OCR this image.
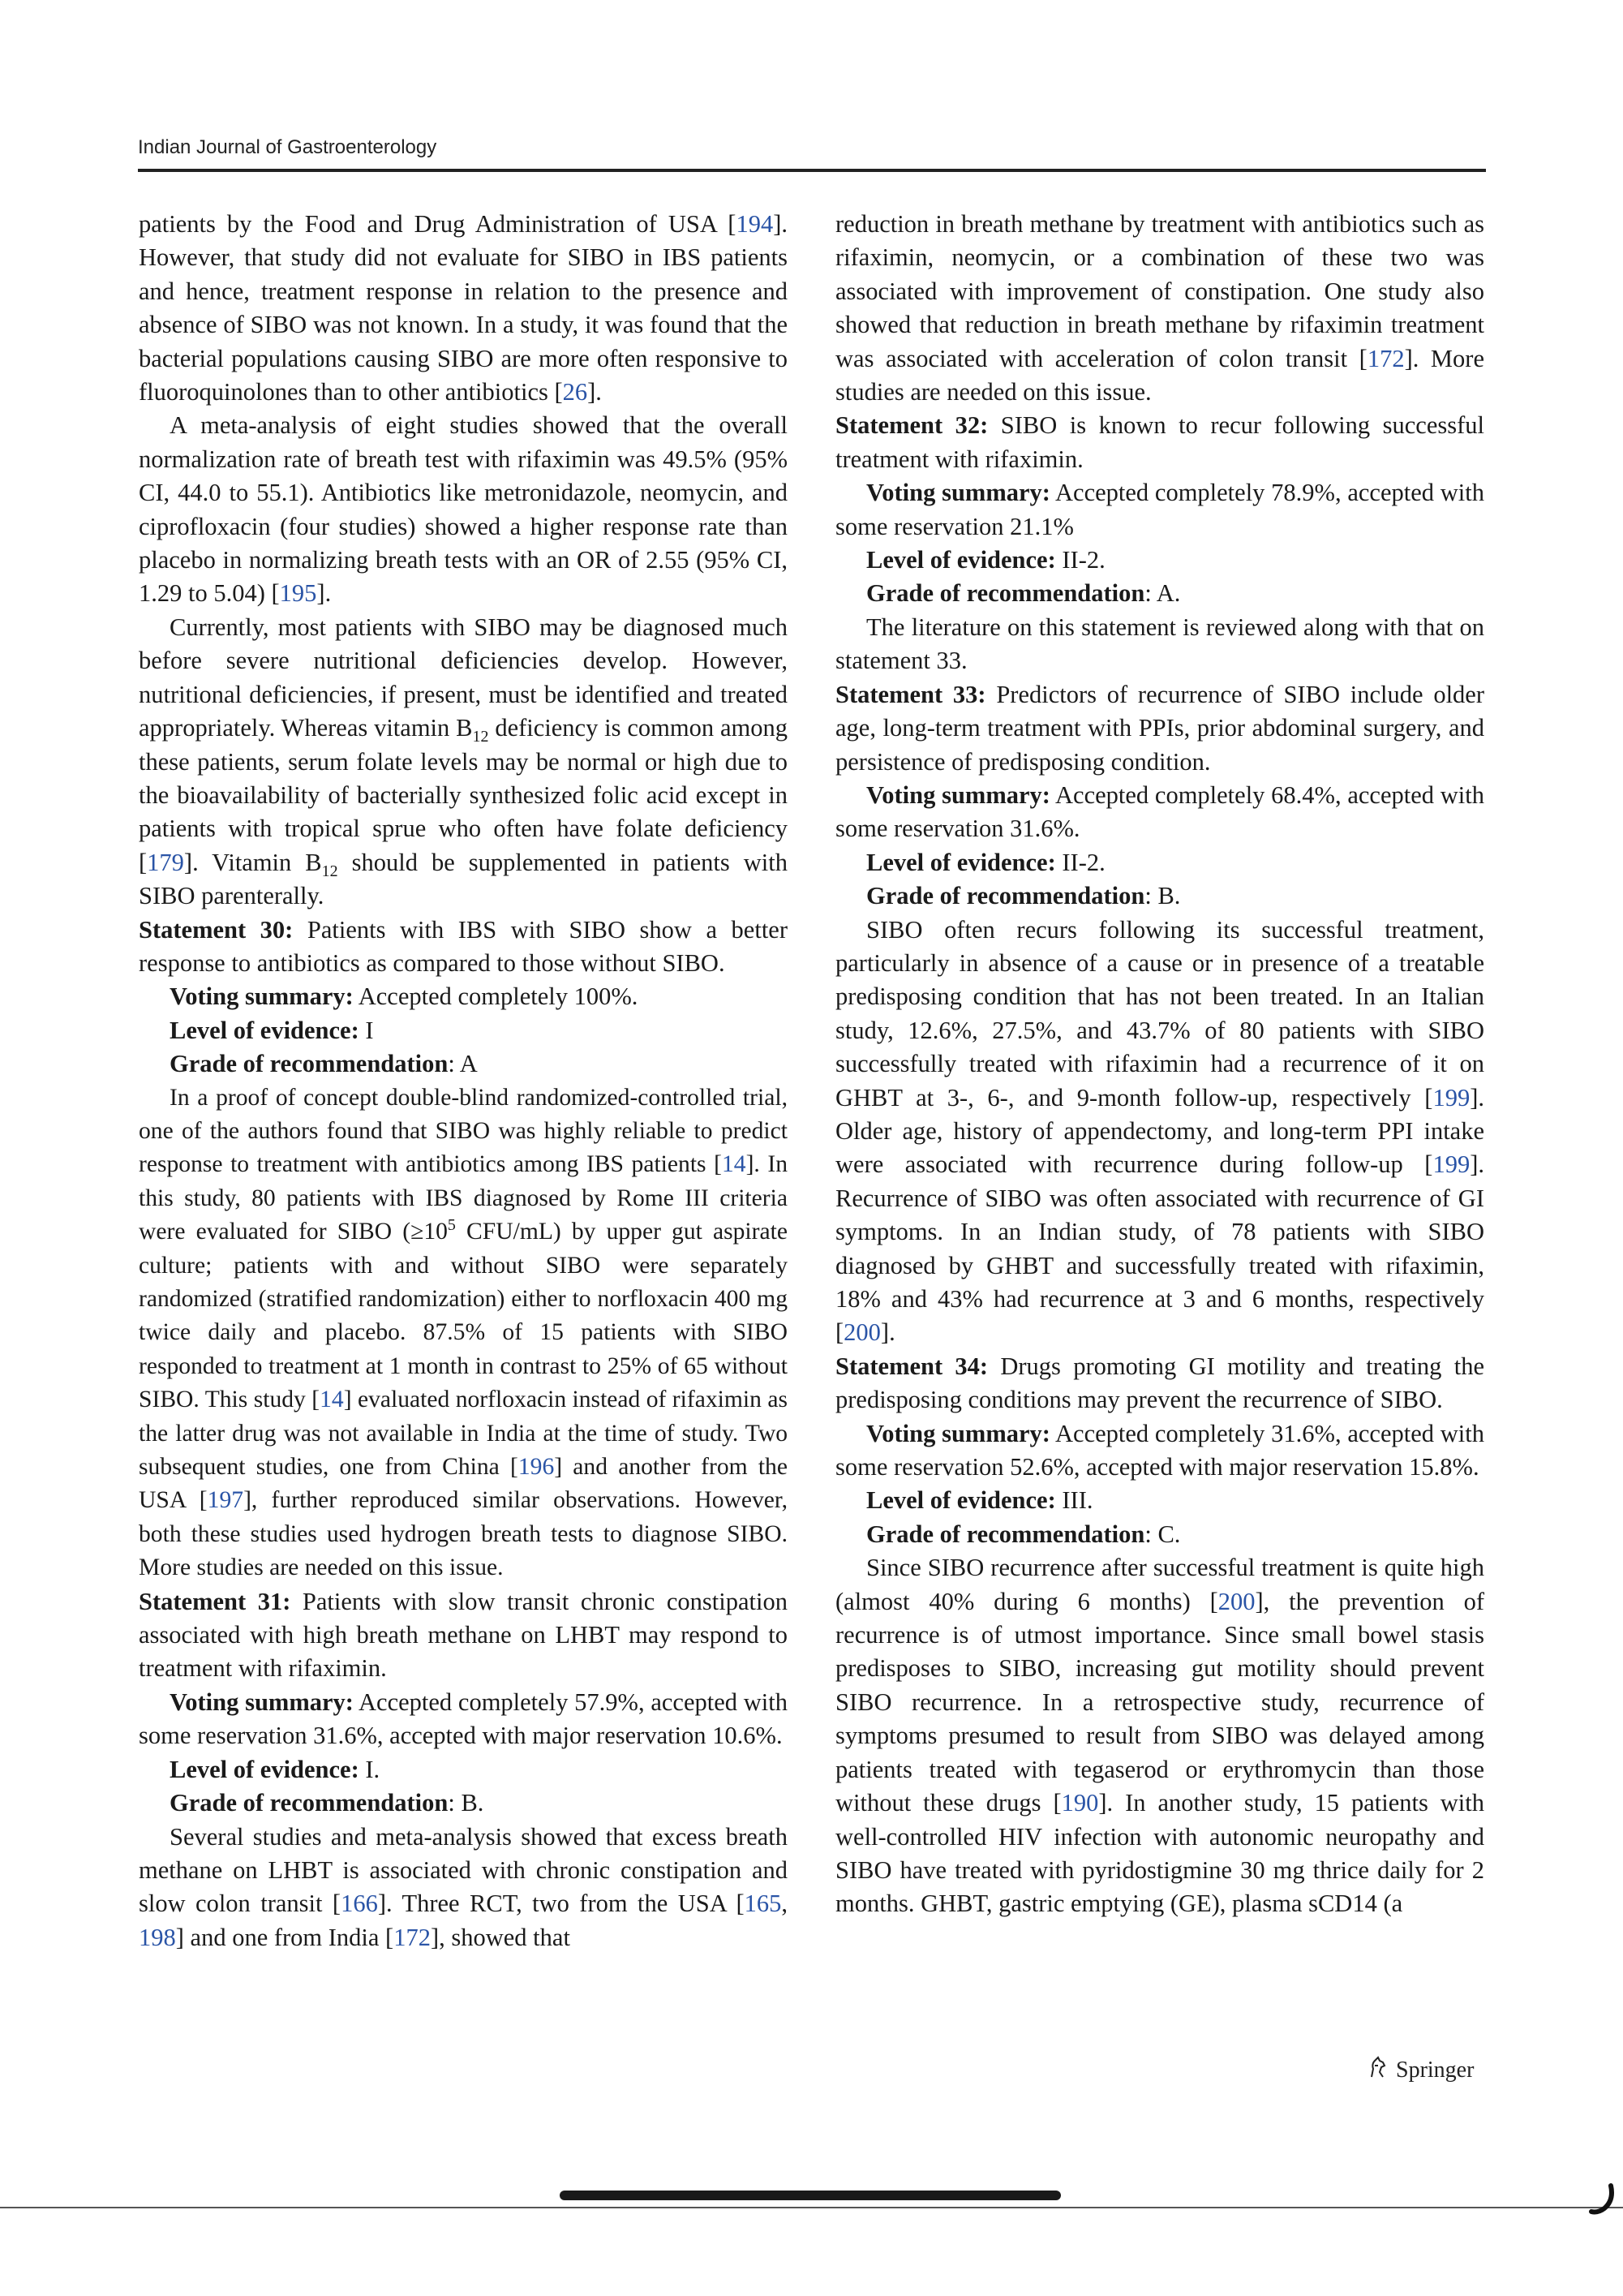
Indian Journal of Gastroenterology

patients by the Food and Drug Administration of USA [194]. However, that study did not evaluate for SIBO in IBS patients and hence, treatment response in relation to the presence and absence of SIBO was not known. In a study, it was found that the bacterial populations causing SIBO are more often responsive to fluoroquinolones than to other antibiotics [26].

A meta-analysis of eight studies showed that the overall normalization rate of breath test with rifaximin was 49.5% (95% CI, 44.0 to 55.1). Antibiotics like metronidazole, neomycin, and ciprofloxacin (four studies) showed a higher response rate than placebo in normalizing breath tests with an OR of 2.55 (95% CI, 1.29 to 5.04) [195].

Currently, most patients with SIBO may be diagnosed much before severe nutritional deficiencies develop. However, nutritional deficiencies, if present, must be identified and treated appropriately. Whereas vitamin $B_{12}$ deficiency is common among these patients, serum folate levels may be normal or high due to the bioavailability of bacterially synthesized folic acid except in patients with tropical sprue who often have folate deficiency [179]. Vitamin $B_{12}$ should be supplemented in patients with SIBO parenterally.

Statement 30: Patients with IBS with SIBO show a better response to antibiotics as compared to those without SIBO.

Voting summary: Accepted completely 100%.

Level of evidence: I

Grade of recommendation: A

In a proof of concept double-blind randomized-controlled trial, one of the authors found that SIBO was highly reliable to predict response to treatment with antibiotics among IBS patients [14]. In this study, 80 patients with IBS diagnosed by Rome III criteria were evaluated for SIBO ($\ge 10^5$ CFU/mL) by upper gut aspirate culture; patients with and without SIBO were separately randomized (stratified randomization) either to norfloxacin 400 mg twice daily and placebo. 87.5% of 15 patients with SIBO responded to treatment at 1 month in contrast to 25% of 65 without SIBO. This study [14] evaluated norfloxacin instead of rifaximin as the latter drug was not available in India at the time of study. Two subsequent studies, one from China [196] and another from the USA [197], further reproduced similar observations. However, both these studies used hydrogen breath tests to diagnose SIBO. More studies are needed on this issue.

Statement 31: Patients with slow transit chronic constipation associated with high breath methane on LHBT may respond to treatment with rifaximin.

Voting summary: Accepted completely 57.9%, accepted with some reservation 31.6%, accepted with major reservation 10.6%.

Level of evidence: I.

Grade of recommendation: B.

Several studies and meta-analysis showed that excess breath methane on LHBT is associated with chronic constipation and slow colon transit [166]. Three RCT, two from the USA [165, 198] and one from India [172], showed that

reduction in breath methane by treatment with antibiotics such as rifaximin, neomycin, or a combination of these two was associated with improvement of constipation. One study also showed that reduction in breath methane by rifaximin treatment was associated with acceleration of colon transit [172]. More studies are needed on this issue.

Statement 32: SIBO is known to recur following successful treatment with rifaximin.

Voting summary: Accepted completely 78.9%, accepted with some reservation 21.1%

Level of evidence: II-2.

Grade of recommendation: A.

The literature on this statement is reviewed along with that on statement 33.

Statement 33: Predictors of recurrence of SIBO include older age, long-term treatment with PPIs, prior abdominal surgery, and persistence of predisposing condition.

Voting summary: Accepted completely 68.4%, accepted with some reservation 31.6%.

Level of evidence: II-2.

Grade of recommendation: B.

SIBO often recurs following its successful treatment, particularly in absence of a cause or in presence of a treatable predisposing condition that has not been treated. In an Italian study, 12.6%, 27.5%, and 43.7% of 80 patients with SIBO successfully treated with rifaximin had a recurrence of it on GHBT at 3-, 6-, and 9-month follow-up, respectively [199]. Older age, history of appendectomy, and long-term PPI intake were associated with recurrence during follow-up [199]. Recurrence of SIBO was often associated with recurrence of GI symptoms. In an Indian study, of 78 patients with SIBO diagnosed by GHBT and successfully treated with rifaximin, 18% and 43% had recurrence at 3 and 6 months, respectively [200].

Statement 34: Drugs promoting GI motility and treating the predisposing conditions may prevent the recurrence of SIBO.

Voting summary: Accepted completely 31.6%, accepted with some reservation 52.6%, accepted with major reservation 15.8%.

Level of evidence: III.

Grade of recommendation: C.

Since SIBO recurrence after successful treatment is quite high (almost 40% during 6 months) [200], the prevention of recurrence is of utmost importance. Since small bowel stasis predisposes to SIBO, increasing gut motility should prevent SIBO recurrence. In a retrospective study, recurrence of symptoms presumed to result from SIBO was delayed among patients treated with tegaserod or erythromycin than those without these drugs [190]. In another study, 15 patients with well-controlled HIV infection with autonomic neuropathy and SIBO have treated with pyridostigmine 30 mg thrice daily for 2 months. GHBT, gastric emptying (GE), plasma sCD14 (a

Springer
